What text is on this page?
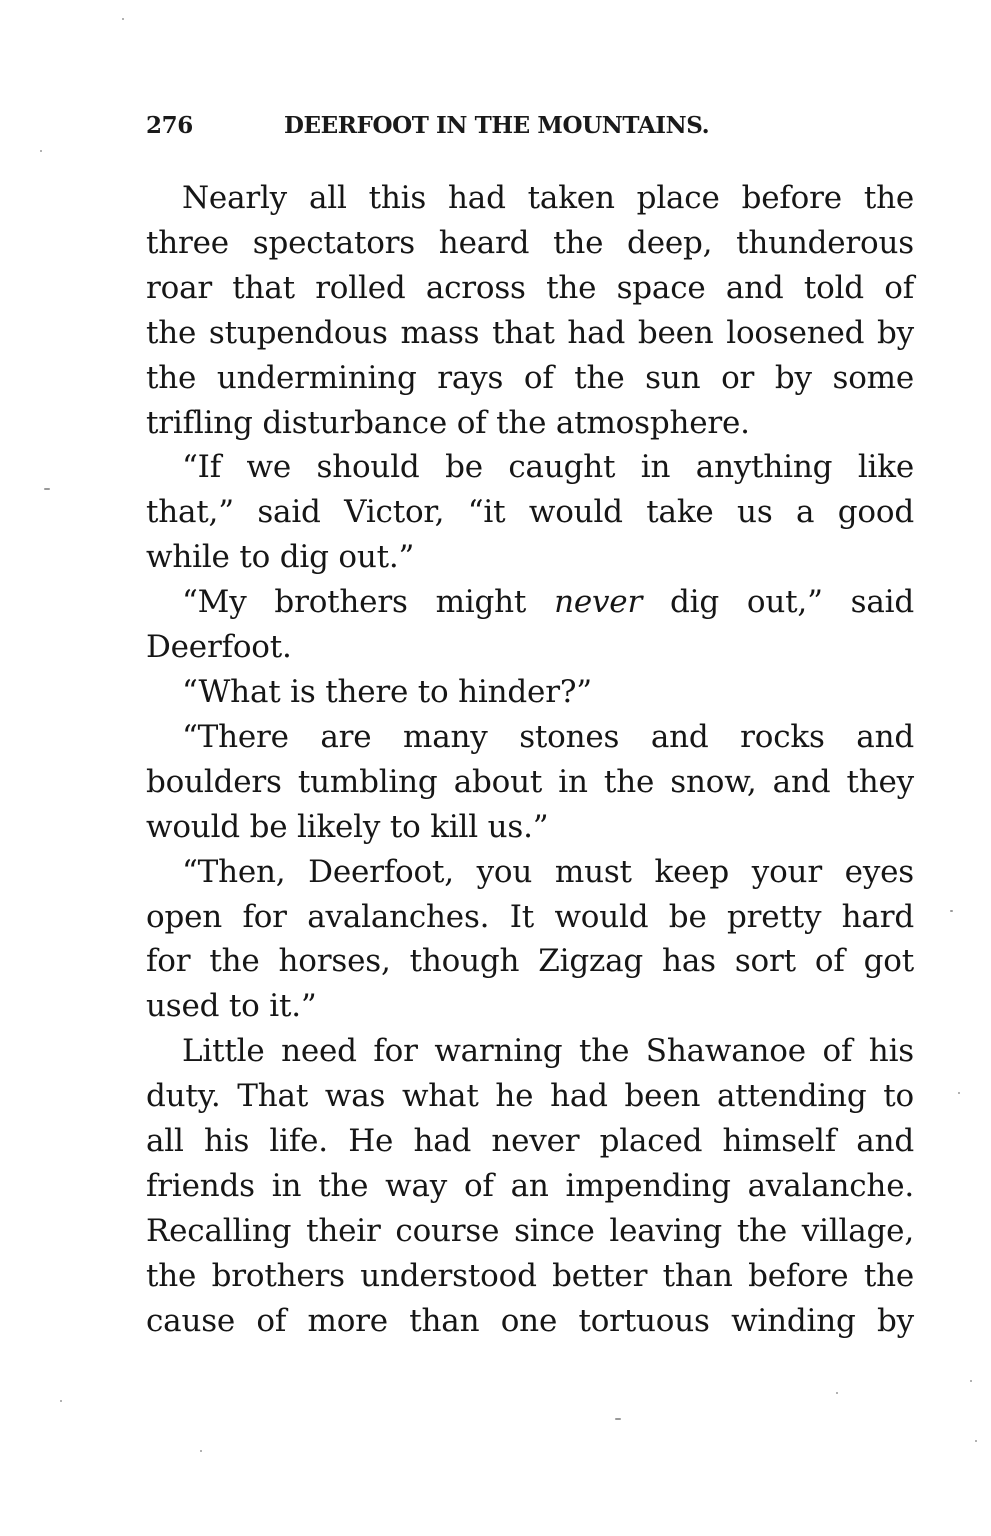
276	DEERFOOT IN THE MOUNTAINS.
Nearly all this had taken place before the
three spectators heard the deep, thunderous
roar that rolled across the space and told of
the stupendous mass that had been loosened by
the undermining rays of the sun or by some
trifling disturbance of the atmosphere.
“If we should be caught in anything like
that,” said Victor, “it would take us a good
while to dig out.”
“My brothers might never dig out,” said
Deerfoot.
“What is there to hinder?”
“There are many stones and rocks and
boulders tumbling about in the snow, and they
would be likely to kill us.”
“Then, Deerfoot, you must keep your eyes
open for avalanches. It would be pretty hard
for the horses, though Zigzag has sort of got
used to it.”
Little need for warning the Shawanoe of his
duty. That was what he had been attending to
all his life. He had never placed himself and
friends in the way of an impending avalanche.
Recalling their course since leaving the village,
the brothers understood better than before the
cause of more than one tortuous winding by
